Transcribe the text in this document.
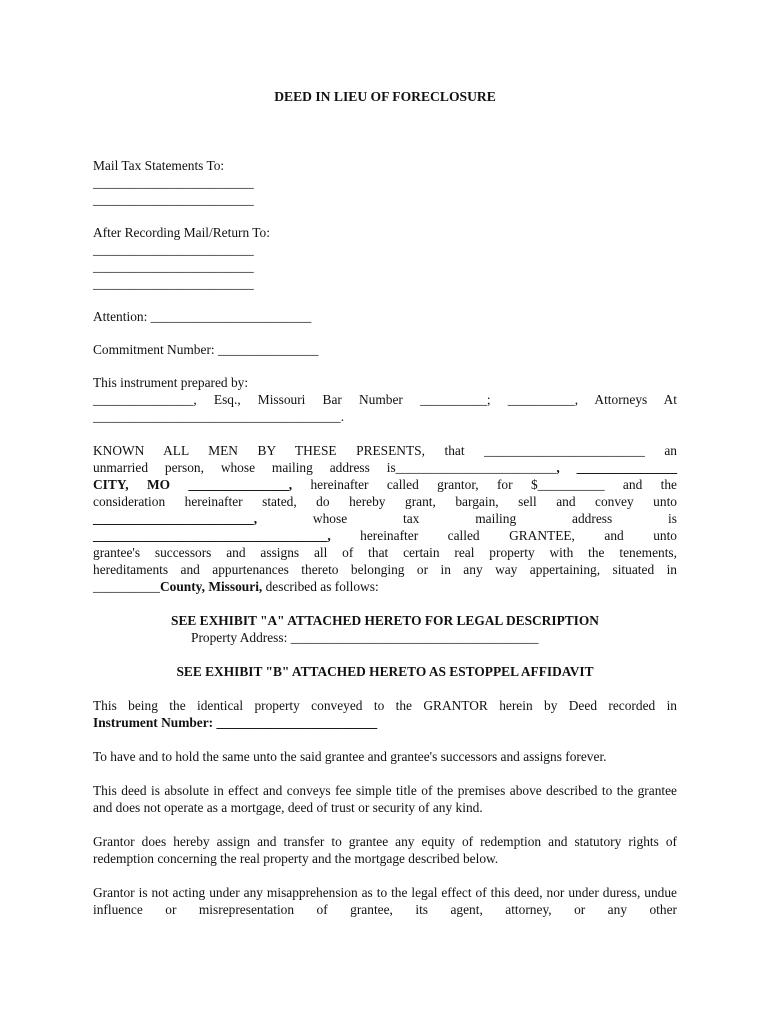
DEED IN LIEU OF FORECLOSURE

Mail Tax Statements To:

________________________

________________________

After Recording Mail/Return To:

________________________

________________________

________________________

Attention: ________________________

Commitment Number: _______________

This instrument prepared by:

_______________, Esq., Missouri Bar Number __________; __________, Attorneys At

_____________________________________.

KNOWN ALL MEN BY THESE PRESENTS, that ________________________ an

unmarried person, whose mailing address is________________________, _______________

CITY, MO _______________, hereinafter called grantor, for $__________ and the

consideration hereinafter stated, do hereby grant, bargain, sell and convey unto

________________________, whose tax mailing address is

___________________________________, hereinafter called GRANTEE, and unto

grantee's successors and assigns all of that certain real property with the tenements,

hereditaments and appurtenances thereto belonging or in any way appertaining, situated in

__________County, Missouri, described as follows:

SEE EXHIBIT "A" ATTACHED HERETO FOR LEGAL DESCRIPTION

Property Address: _____________________________________

SEE EXHIBIT "B" ATTACHED HERETO AS ESTOPPEL AFFIDAVIT

This being the identical property conveyed to the GRANTOR herein by Deed recorded in

Instrument Number: ________________________

To have and to hold the same unto the said grantee and grantee's successors and assigns forever.

This deed is absolute in effect and conveys fee simple title of the premises above described to the grantee and does not operate as a mortgage, deed of trust or security of any kind.

Grantor does hereby assign and transfer to grantee any equity of redemption and statutory rights of redemption concerning the real property and the mortgage described below.

Grantor is not acting under any misapprehension as to the legal effect of this deed, nor under duress, undue influence or misrepresentation of grantee, its agent, attorney, or any other
